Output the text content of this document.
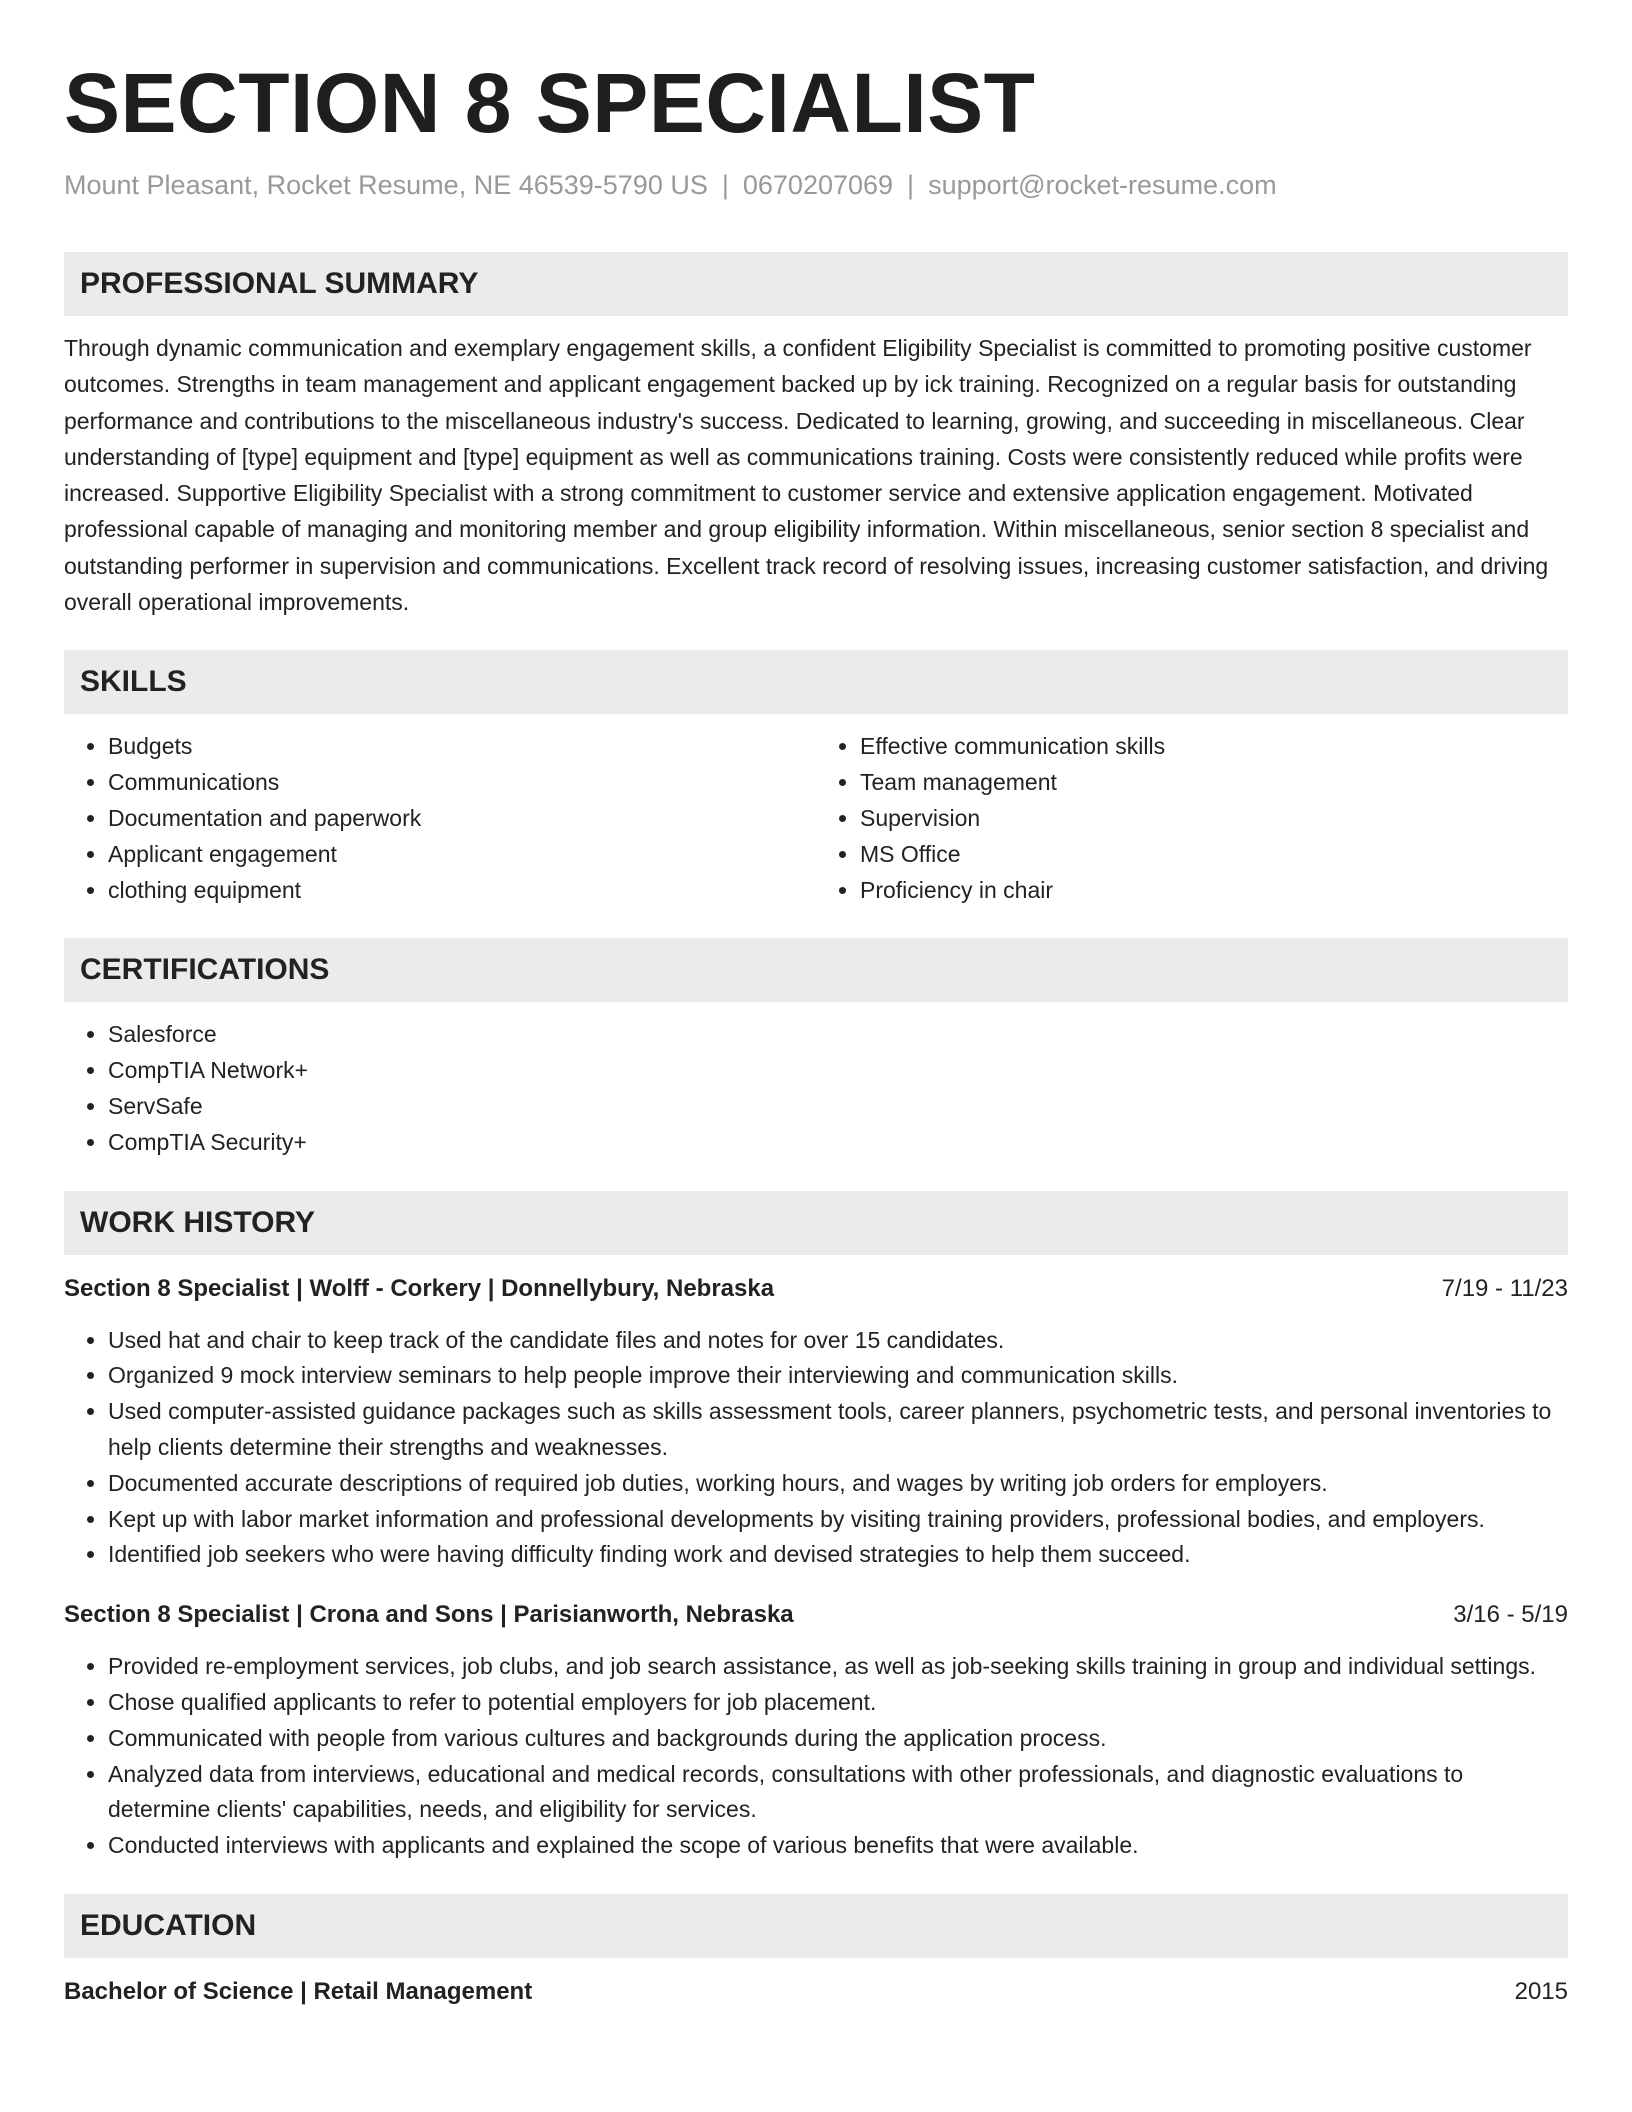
SECTION 8 SPECIALIST
Mount Pleasant, Rocket Resume, NE 46539-5790 US | 0670207069 | support@rocket-resume.com
PROFESSIONAL SUMMARY

Through dynamic communication and exemplary engagement skills, a confident Eligibility Specialist is committed to promoting positive customer outcomes. Strengths in team management and applicant engagement backed up by ick training. Recognized on a regular basis for outstanding performance and contributions to the miscellaneous industry's success. Dedicated to learning, growing, and succeeding in miscellaneous. Clear understanding of [type] equipment and [type] equipment as well as communications training. Costs were consistently reduced while profits were increased. Supportive Eligibility Specialist with a strong commitment to customer service and extensive application engagement. Motivated professional capable of managing and monitoring member and group eligibility information. Within miscellaneous, senior section 8 specialist and outstanding performer in supervision and communications. Excellent track record of resolving issues, increasing customer satisfaction, and driving overall operational improvements.

SKILLS
• Budgets
• Communications
• Documentation and paperwork
• Applicant engagement
• clothing equipment
• Effective communication skills
• Team management
• Supervision
• MS Office
• Proficiency in chair
CERTIFICATIONS
• Salesforce
• CompTIA Network+
• ServSafe
• CompTIA Security+
WORK HISTORY
Section 8 Specialist | Wolff - Corkery | Donnellybury, Nebraska	7/19 - 11/23
• Used hat and chair to keep track of the candidate files and notes for over 15 candidates.
• Organized 9 mock interview seminars to help people improve their interviewing and communication skills.
• Used computer-assisted guidance packages such as skills assessment tools, career planners, psychometric tests, and personal inventories to help clients determine their strengths and weaknesses.
• Documented accurate descriptions of required job duties, working hours, and wages by writing job orders for employers.
• Kept up with labor market information and professional developments by visiting training providers, professional bodies, and employers.
• Identified job seekers who were having difficulty finding work and devised strategies to help them succeed.
Section 8 Specialist | Crona and Sons | Parisianworth, Nebraska	3/16 - 5/19
• Provided re-employment services, job clubs, and job search assistance, as well as job-seeking skills training in group and individual settings.
• Chose qualified applicants to refer to potential employers for job placement.
• Communicated with people from various cultures and backgrounds during the application process.
• Analyzed data from interviews, educational and medical records, consultations with other professionals, and diagnostic evaluations to determine clients' capabilities, needs, and eligibility for services.
• Conducted interviews with applicants and explained the scope of various benefits that were available.
EDUCATION
Bachelor of Science | Retail Management	2015
